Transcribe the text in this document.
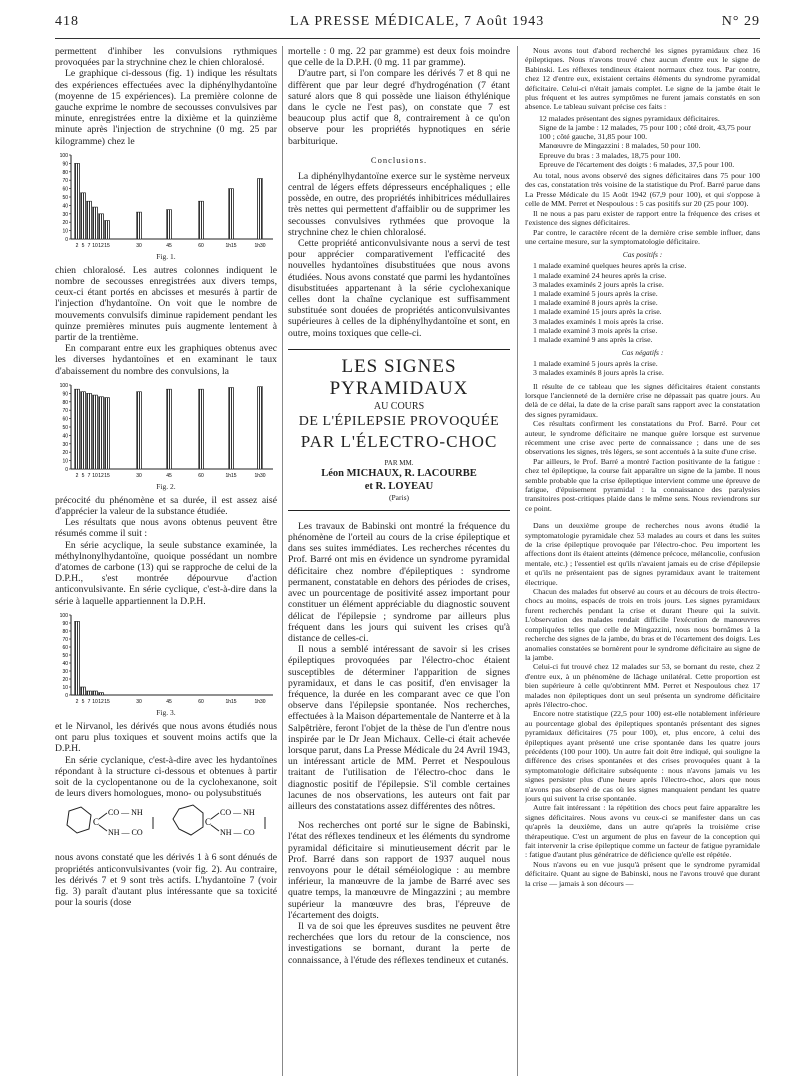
418	LA PRESSE MÉDICALE, 7 Août 1943	N° 29

permettent d'inhiber les convulsions rythmiques provoquées par la strychnine chez le chien chloralosé.

Le graphique ci-dessous (fig. 1) indique les résultats des expériences effectuées avec la diphénylhydantoïne (moyenne de 15 expériences). La première colonne de gauche exprime le nombre de secousses convulsives par minute, enregistrées entre la dixième et la quinzième minute après l'injection de strychnine (0 mg. 25 par kilogramme) chez le

0
10
20
30
40
50
60
70
80
90
100
2 5 7 10 12 15	30	45	60	1h15	1h30
Fig. 1.

chien chloralosé. Les autres colonnes indiquent le nombre de secousses enregistrées aux divers temps, ceux-ci étant portés en abcisses et mesurés à partir de l'injection d'hydantoïne. On voit que le nombre de mouvements convulsifs diminue rapidement pendant les quinze premières minutes puis augmente lentement à partir de la trentième.

En comparant entre eux les graphiques obtenus avec les diverses hydantoïnes et en examinant le taux d'abaissement du nombre des convulsions, la

0
10
20
30
40
50
60
70
80
90
100
2 5 7 10 12 15	30	45	60	1h15	1h30
Fig. 2.

précocité du phénomène et sa durée, il est assez aisé d'apprécier la valeur de la substance étudiée.

Les résultats que nous avons obtenus peuvent être résumés comme il suit :

En série acyclique, la seule substance examinée, la méthylnonylhydantoïne, quoique possédant un nombre d'atomes de carbone (13) qui se rapproche de celui de la D.P.H., s'est montrée dépourvue d'action anticonvulsivante. En série cyclique, c'est-à-dire dans la série à laquelle appartiennent la D.P.H.

0
10
20
30
40
50
60
70
80
90
100
2 5 7 10 12 15	30	45	60	1h15	1h30
Fig. 3.

et le Nirvanol, les dérivés que nous avons étudiés nous ont paru plus toxiques et souvent moins actifs que la D.P.H.

En série cyclanique, c'est-à-dire avec les hydantoïnes répondant à la structure ci-dessous et obtenues à partir soit de la cyclopentanone ou de la cyclohexanone, soit de leurs divers homologues, mono- ou polysubstitués

C
CO — NH
NH — CO
C
CO — NH
NH — CO

nous avons constaté que les dérivés 1 à 6 sont dénués de propriétés anticonvulsivantes (voir fig. 2). Au contraire, les dérivés 7 et 9 sont très actifs. L'hydantoïne 7 (voir fig. 3) paraît d'autant plus intéressante que sa toxicité pour la souris (dose

mortelle : 0 mg. 22 par gramme) est deux fois moindre que celle de la D.P.H. (0 mg. 11 par gramme).

D'autre part, si l'on compare les dérivés 7 et 8 qui ne diffèrent que par leur degré d'hydrogénation (7 étant saturé alors que 8 qui possède une liaison éthylénique dans le cycle ne l'est pas), on constate que 7 est beaucoup plus actif que 8, contrairement à ce qu'on observe pour les propriétés hypnotiques en série barbiturique.

Conclusions.

La diphénylhydantoïne exerce sur le système nerveux central de légers effets dépresseurs encéphaliques ; elle possède, en outre, des propriétés inhibitrices médullaires très nettes qui permettent d'affaiblir ou de supprimer les secousses convulsives rythmées que provoque la strychnine chez le chien chloralosé.

Cette propriété anticonvulsivante nous a servi de test pour apprécier comparativement l'efficacité des nouvelles hydantoïnes disubstituées que nous avons étudiées. Nous avons constaté que parmi les hydantoïnes disubstituées appartenant à la série cyclohexanique celles dont la chaîne cyclanique est suffisamment substituée sont douées de propriétés anticonvulsivantes supérieures à celles de la diphénylhydantoïne et sont, en outre, moins toxiques que celle-ci.

LES SIGNES PYRAMIDAUX
AU COURS
DE L'ÉPILEPSIE PROVOQUÉE
PAR L'ÉLECTRO-CHOC
PAR MM.
Léon MICHAUX, R. LACOURBE
et R. LOYEAU
(Paris)

Les travaux de Babinski ont montré la fréquence du phénomène de l'orteil au cours de la crise épileptique et dans ses suites immédiates. Les recherches récentes du Prof. Barré ont mis en évidence un syndrome pyramidal déficitaire chez nombre d'épileptiques : syndrome permanent, constatable en dehors des périodes de crises, avec un pourcentage de positivité assez important pour constituer un élément appréciable du diagnostic souvent délicat de l'épilepsie ; syndrome par ailleurs plus fréquent dans les jours qui suivent les crises qu'à distance de celles-ci.

Il nous a semblé intéressant de savoir si les crises épileptiques provoquées par l'électro-choc étaient susceptibles de déterminer l'apparition de signes pyramidaux, et dans le cas positif, d'en envisager la fréquence, la durée en les comparant avec ce que l'on observe dans l'épilepsie spontanée. Nos recherches, effectuées à la Maison départementale de Nanterre et à la Salpêtrière, feront l'objet de la thèse de l'un d'entre nous inspirée par le Dr Jean Michaux. Celle-ci était achevée lorsque parut, dans La Presse Médicale du 24 Avril 1943, un intéressant article de MM. Perret et Nespoulous traitant de l'utilisation de l'électro-choc dans le diagnostic positif de l'épilepsie. S'il comble certaines lacunes de nos observations, les auteurs ont fait par ailleurs des constatations assez différentes des nôtres.

Nos recherches ont porté sur le signe de Babinski, l'état des réflexes tendineux et les éléments du syndrome pyramidal déficitaire si minutieusement décrit par le Prof. Barré dans son rapport de 1937 auquel nous renvoyons pour le détail séméiologique : au membre inférieur, la manœuvre de la jambe de Barré avec ses quatre temps, la manœuvre de Mingazzini ; au membre supérieur la manœuvre des bras, l'épreuve de l'écartement des doigts.

Il va de soi que les épreuves susdites ne peuvent être recherchées que lors du retour de la conscience, nos investigations se bornant, durant la perte de connaissance, à l'étude des réflexes tendineux et cutanés.

Nous avons tout d'abord recherché les signes pyramidaux chez 16 épileptiques. Nous n'avons trouvé chez aucun d'entre eux le signe de Babinski. Les réflexes tendineux étaient normaux chez tous. Par contre, chez 12 d'entre eux, existaient certains éléments du syndrome pyramidal déficitaire. Celui-ci n'était jamais complet. Le signe de la jambe était le plus fréquent et les autres symptômes ne furent jamais constatés en son absence. Le tableau suivant précise ces faits :

12 malades présentant des signes pyramidaux déficitaires.
Signe de la jambe : 12 malades, 75 pour 100 ; côté droit, 43,75 pour 100 ; côté gauche, 31,85 pour 100.
Manœuvre de Mingazzini : 8 malades, 50 pour 100.
Epreuve du bras : 3 malades, 18,75 pour 100.
Epreuve de l'écartement des doigts : 6 malades, 37,5 pour 100.

Au total, nous avons observé des signes déficitaires dans 75 pour 100 des cas, constatation très voisine de la statistique du Prof. Barré parue dans La Presse Médicale du 15 Août 1942 (67,9 pour 100), et qui s'oppose à celle de MM. Perret et Nespoulous : 5 cas positifs sur 20 (25 pour 100).

Il ne nous a pas paru exister de rapport entre la fréquence des crises et l'existence des signes déficitaires.

Par contre, le caractère récent de la dernière crise semble influer, dans une certaine mesure, sur la symptomatologie déficitaire.

Cas positifs :
1 malade examiné quelques heures après la crise.
1 malade examiné 24 heures après la crise.
3 malades examinés 2 jours après la crise.
1 malade examiné 5 jours après la crise.
1 malade examiné 8 jours après la crise.
1 malade examiné 15 jours après la crise.
3 malades examinés 1 mois après la crise.
1 malade examiné 3 mois après la crise.
1 malade examiné 9 ans après la crise.
Cas négatifs :
1 malade examiné 5 jours après la crise.
3 malades examinés 8 jours après la crise.

Il résulte de ce tableau que les signes déficitaires étaient constants lorsque l'ancienneté de la dernière crise ne dépassait pas quatre jours. Au delà de ce délai, la date de la crise paraît sans rapport avec la constatation des signes pyramidaux.

Ces résultats confirment les constatations du Prof. Barré. Pour cet auteur, le syndrome déficitaire ne manque guère lorsque est survenue récemment une crise avec perte de connaissance ; dans une de ses observations les signes, très légers, se sont accentués à la suite d'une crise.

Par ailleurs, le Prof. Barré a montré l'action positivante de la fatigue : chez tel épileptique, la course fait apparaître un signe de la jambe. Il nous semble probable que la crise épileptique intervient comme une épreuve de fatigue, d'épuisement pyramidal : la connaissance des paralysies transitoires post-critiques plaide dans le même sens. Nous reviendrons sur ce point.

Dans un deuxième groupe de recherches nous avons étudié la symptomatologie pyramidale chez 53 malades au cours et dans les suites de la crise épileptique provoquée par l'électro-choc. Peu importent les affections dont ils étaient atteints (démence précoce, mélancolie, confusion mentale, etc.) ; l'essentiel est qu'ils n'avaient jamais eu de crise d'épilepsie et qu'ils ne présentaient pas de signes pyramidaux avant le traitement électrique.

Chacun des malades fut observé au cours et au décours de trois électro-chocs au moins, espacés de trois en trois jours. Les signes pyramidaux furent recherchés pendant la crise et durant l'heure qui la suivit. L'observation des malades rendait difficile l'exécution de manœuvres compliquées telles que celle de Mingazzini, nous nous bornâmes à la recherche des signes de la jambe, du bras et de l'écartement des doigts. Les anomalies constatées se bornèrent pour le syndrome déficitaire au signe de la jambe.

Celui-ci fut trouvé chez 12 malades sur 53, se bornant du reste, chez 2 d'entre eux, à un phénomène de lâchage unilatéral. Cette proportion est bien supérieure à celle qu'obtinrent MM. Perret et Nespoulous chez 17 malades non épileptiques dont un seul présenta un syndrome déficitaire après l'électro-choc.

Encore notre statistique (22,5 pour 100) est-elle notablement inférieure au pourcentage global des épileptiques spontanés présentant des signes pyramidaux déficitaires (75 pour 100), et, plus encore, à celui des épileptiques ayant présenté une crise spontanée dans les quatre jours précédents (100 pour 100). Un autre fait doit être indiqué, qui souligne la différence des crises spontanées et des crises provoquées quant à la symptomatologie déficitaire subséquente : nous n'avons jamais vu les signes persister plus d'une heure après l'électro-choc, alors que nous n'avons pas observé de cas où les signes manquaient pendant les quatre jours qui suivent la crise spontanée.

Autre fait intéressant : la répétition des chocs peut faire apparaître les signes déficitaires. Nous avons vu ceux-ci se manifester dans un cas qu'après la deuxième, dans un autre qu'après la troisième crise thérapeutique. C'est un argument de plus en faveur de la conception qui fait intervenir la crise épileptique comme un facteur de fatigue pyramidale : fatigue d'autant plus génératrice de déficience qu'elle est répétée.

Nous n'avons eu en vue jusqu'à présent que le syndrome pyramidal déficitaire. Quant au signe de Babinski, nous ne l'avons trouvé que durant la crise — jamais à son décours —
